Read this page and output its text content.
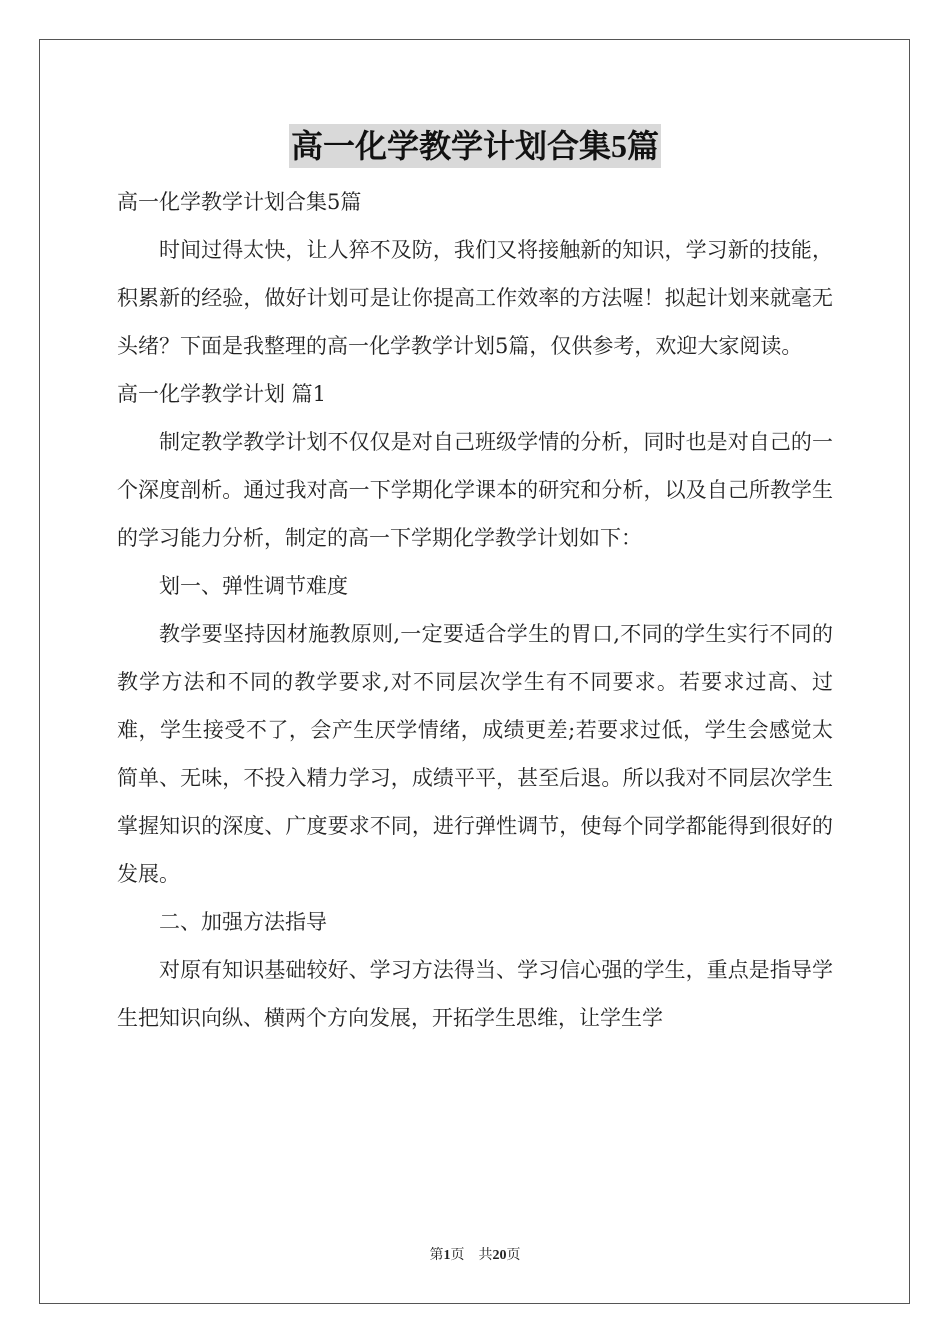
高一化学教学计划合集5篇
高一化学教学计划合集5篇

时间过得太快，让人猝不及防，我们又将接触新的知识，学习新的技能，积累新的经验，做好计划可是让你提高工作效率的方法喔！拟起计划来就毫无头绪？下面是我整理的高一化学教学计划5篇，仅供参考，欢迎大家阅读。

高一化学教学计划 篇1

制定教学教学计划不仅仅是对自己班级学情的分析，同时也是对自己的一个深度剖析。通过我对高一下学期化学课本的研究和分析，以及自己所教学生的学习能力分析，制定的高一下学期化学教学计划如下：

划一、弹性调节难度

教学要坚持因材施教原则,一定要适合学生的胃口,不同的学生实行不同的教学方法和不同的教学要求,对不同层次学生有不同要求。若要求过高、过难，学生接受不了，会产生厌学情绪，成绩更差;若要求过低，学生会感觉太简单、无味，不投入精力学习，成绩平平，甚至后退。所以我对不同层次学生掌握知识的深度、广度要求不同，进行弹性调节，使每个同学都能得到很好的发展。

二、加强方法指导

对原有知识基础较好、学习方法得当、学习信心强的学生，重点是指导学生把知识向纵、横两个方向发展，开拓学生思维，让学生学

第1页　共20页
